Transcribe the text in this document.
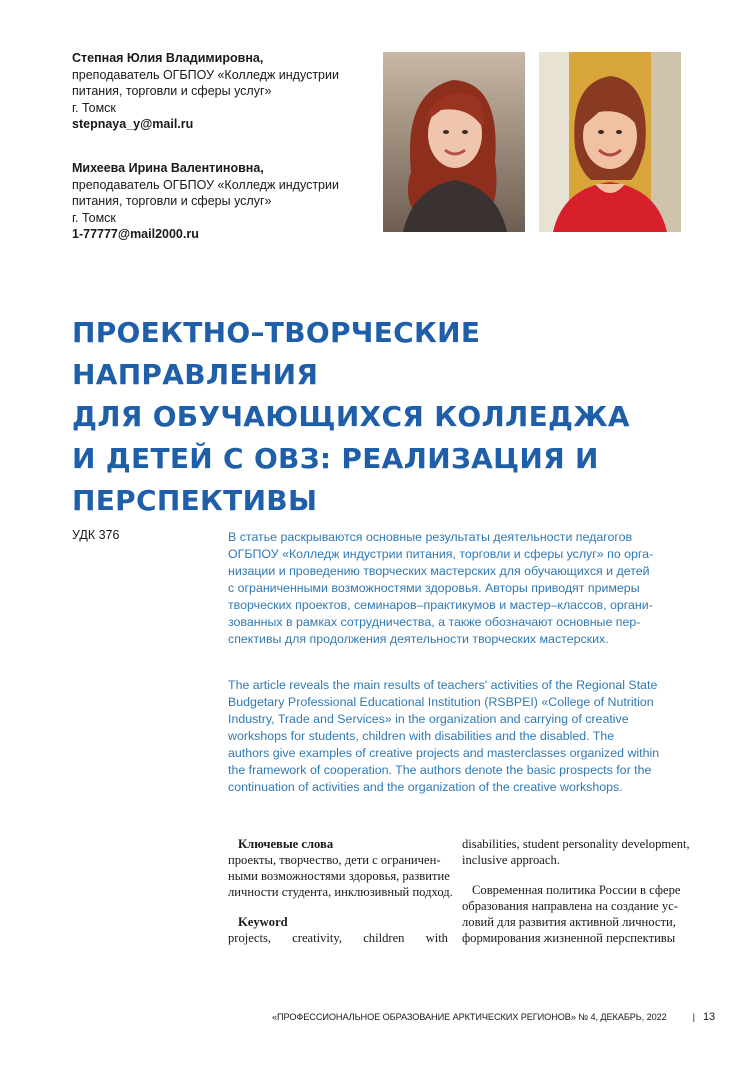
Степная Юлия Владимировна,
преподаватель ОГБПОУ «Колледж индустрии
питания, торговли и сферы услуг»
г. Томск
stepnaya_y@mail.ru
Михеева Ирина Валентиновна,
преподаватель ОГБПОУ «Колледж индустрии
питания, торговли и сферы услуг»
г. Томск
1-77777@mail2000.ru
ПРОЕКТНО–ТВОРЧЕСКИЕ НАПРАВЛЕНИЯ
ДЛЯ ОБУЧАЮЩИХСЯ КОЛЛЕДЖА
И ДЕТЕЙ С ОВЗ: РЕАЛИЗАЦИЯ И
ПЕРСПЕКТИВЫ
УДК 376	В статье раскрываются основные результаты деятельности педагогов
ОГБПОУ «Колледж индустрии питания, торговли и сферы услуг» по орга-
низации и проведению творческих мастерских для обучающихся и детей
с ограниченными возможностями здоровья. Авторы приводят примеры
творческих проектов, семинаров–практикумов и мастер–классов, органи-
зованных в рамках сотрудничества, а также обозначают основные пер-
спективы для продолжения деятельности творческих мастерских.
The article reveals the main results of teachers' activities of the Regional State
Budgetary Professional Educational Institution (RSBPEI) «College of Nutrition
Industry, Trade and Services» in the organization and carrying of creative
workshops for students, children with disabilities and the disabled. The
authors give examples of creative projects and masterclasses organized within
the framework of cooperation. The authors denote the basic prospects for the
continuation of activities and the organization of the creative workshops.
Ключевые слова
проекты, творчество, дети с ограничен-
ными возможностями здоровья, развитие
личности студента, инклюзивный подход.
Keyword
projects, creativity, children with
disabilities, student personality development,
inclusive approach.
Современная политика России в сфере
образования направлена на создание ус-
ловий для развития активной личности,
формирования жизненной перспективы
«ПРОФЕССИОНАЛЬНОЕ ОБРАЗОВАНИЕ АРКТИЧЕСКИХ РЕГИОНОВ» № 4, ДЕКАБРЬ, 2022	| 13
